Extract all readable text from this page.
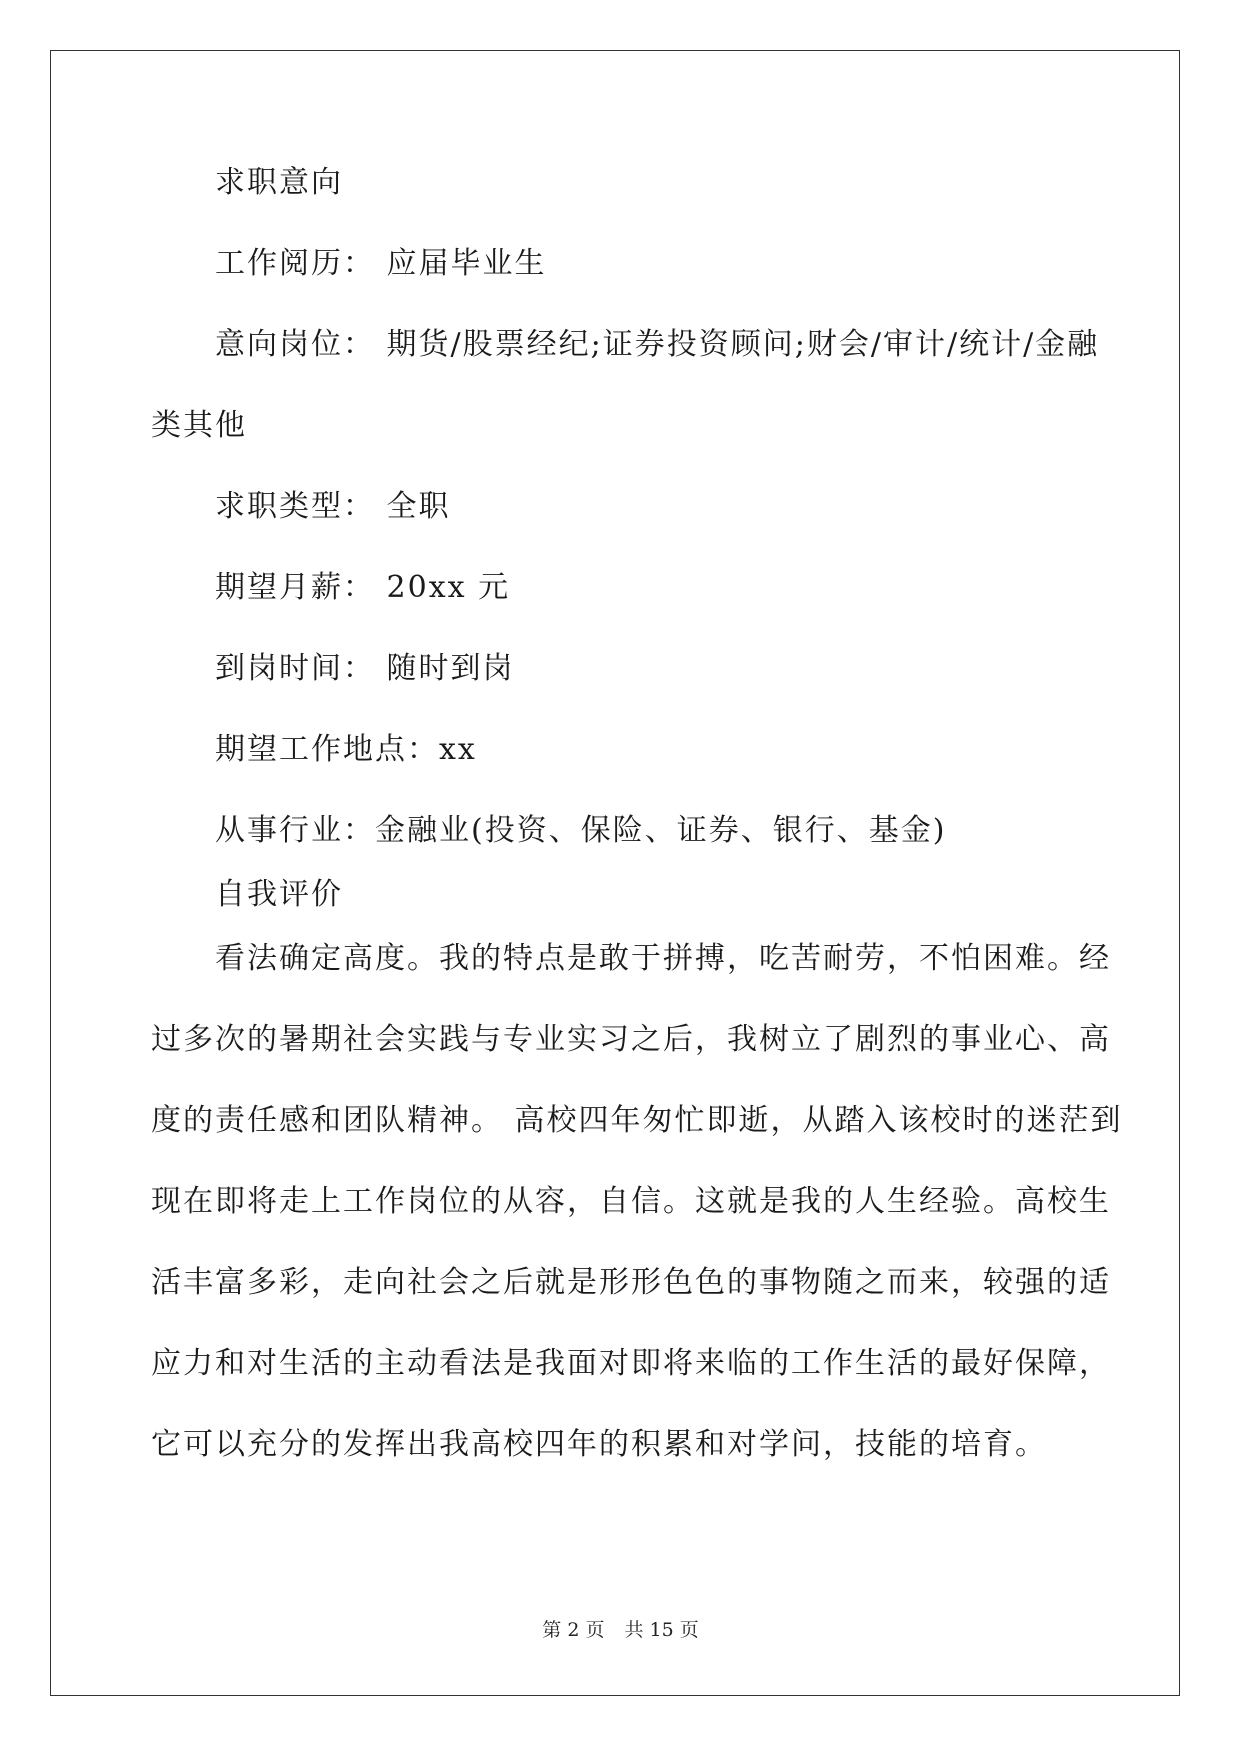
求职意向

工作阅历： 应届毕业生

意向岗位： 期货/股票经纪;证券投资顾问;财会/审计/统计/金融

类其他

求职类型： 全职

期望月薪： 20xx 元

到岗时间： 随时到岗

期望工作地点：xx

从事行业：金融业(投资、保险、证券、银行、基金)

自我评价

看法确定高度。我的特点是敢于拼搏，吃苦耐劳，不怕困难。经
过多次的暑期社会实践与专业实习之后，我树立了剧烈的事业心、高
度的责任感和团队精神。 高校四年匆忙即逝，从踏入该校时的迷茫到
现在即将走上工作岗位的从容，自信。这就是我的人生经验。高校生
活丰富多彩，走向社会之后就是形形色色的事物随之而来，较强的适
应力和对生活的主动看法是我面对即将来临的工作生活的最好保障，
它可以充分的发挥出我高校四年的积累和对学问，技能的培育。
第 2 页 共 15 页
